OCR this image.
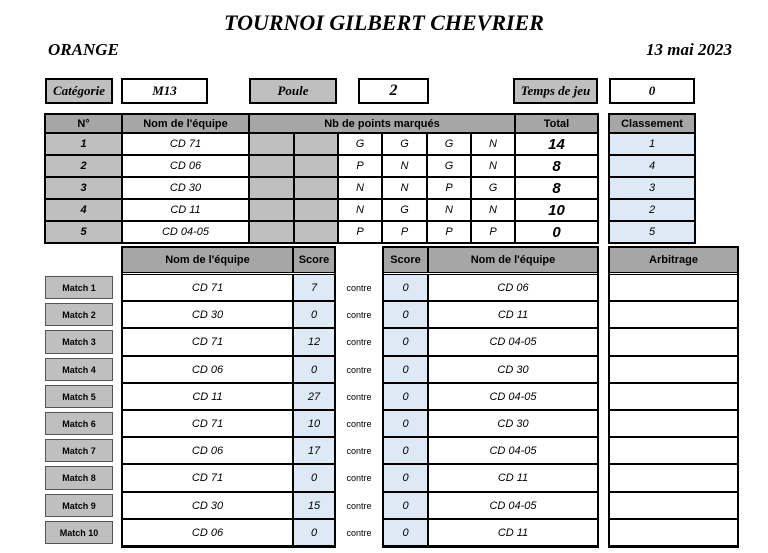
TOURNOI GILBERT CHEVRIER
ORANGE	13 mai 2023
Catégorie	M13	Poule	2	Temps de jeu	0
N°	Nom de l'équipe	Nb de points marqués	Total	Classement
1	CD 71	G	G	G	N	14	1
2	CD 06	P	N	G	N	8	4
3	CD 30	N	N	P	G	8	3
4	CD 11	N	G	N	N	10	2
5	CD 04-05	P	P	P	P	0	5
Nom de l'équipe	Score	Score	Nom de l'équipe	Arbitrage
Match 1	CD 71	7	contre	0	CD 06
Match 2	CD 30	0	contre	0	CD 11
Match 3	CD 71	12	contre	0	CD 04-05
Match 4	CD 06	0	contre	0	CD 30
Match 5	CD 11	27	contre	0	CD 04-05
Match 6	CD 71	10	contre	0	CD 30
Match 7	CD 06	17	contre	0	CD 04-05
Match 8	CD 71	0	contre	0	CD 11
Match 9	CD 30	15	contre	0	CD 04-05
Match 10	CD 06	0	contre	0	CD 11
